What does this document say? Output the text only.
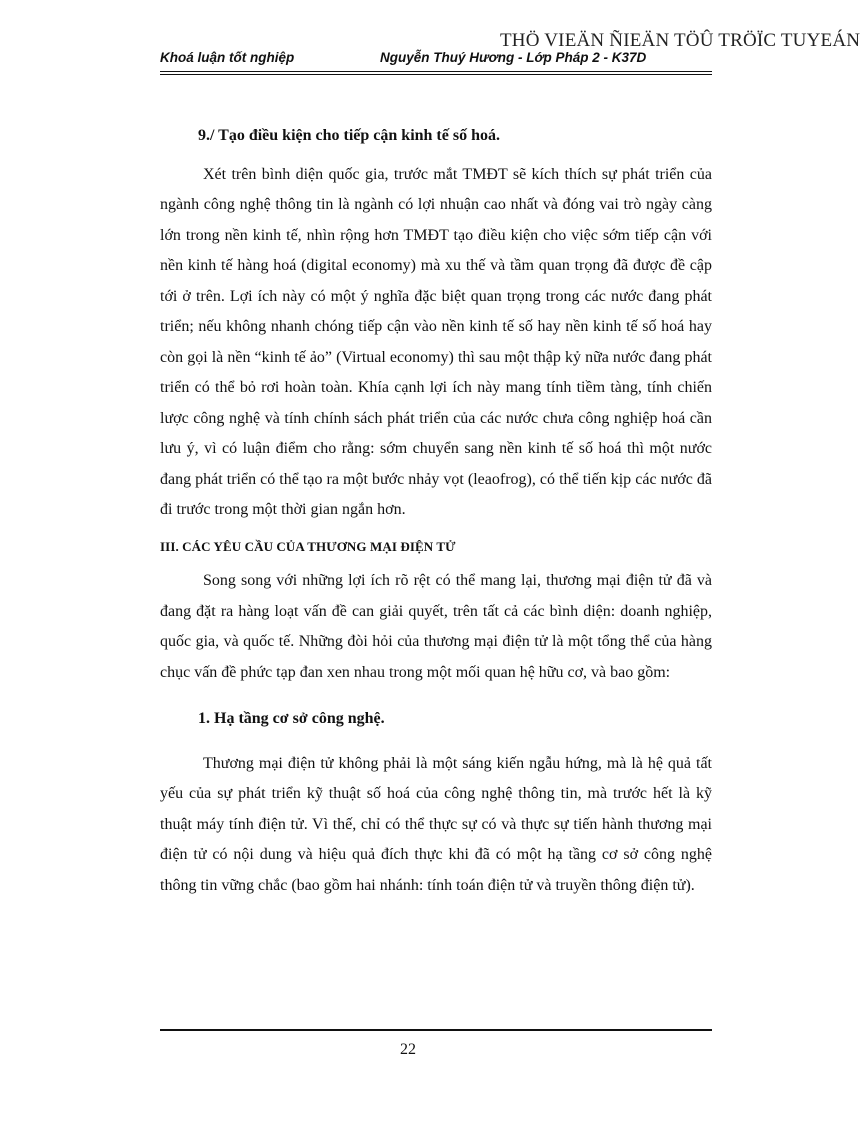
THÖ VIEÄN ÑIEÄN TÖÛ TRÖÏC TUYEÁN
Khoá luận tốt nghiệp	Nguyễn Thuý Hương - Lớp Pháp 2 - K37D
9./ Tạo điều kiện cho tiếp cận kinh tế số hoá.

Xét trên bình diện quốc gia, trước mắt TMĐT sẽ kích thích sự phát triển của ngành công nghệ thông tin là ngành có lợi nhuận cao nhất và đóng vai trò ngày càng lớn trong nền kinh tế, nhìn rộng hơn TMĐT tạo điều kiện cho việc sớm tiếp cận với nền kinh tế hàng hoá (digital economy) mà xu thế và tầm quan trọng đã được đề cập tới ở trên. Lợi ích này có một ý nghĩa đặc biệt quan trọng trong các nước đang phát triển; nếu không nhanh chóng tiếp cận vào nền kinh tế số hay nền kinh tế số hoá hay còn gọi là nền “kinh tế ảo” (Virtual economy) thì sau một thập kỷ nữa nước đang phát triển có thể bỏ rơi hoàn toàn. Khía cạnh lợi ích này mang tính tiềm tàng, tính chiến lược công nghệ và tính chính sách phát triển của các nước chưa công nghiệp hoá cần lưu ý, vì có luận điểm cho rằng: sớm chuyển sang nền kinh tế số hoá thì một nước đang phát triển có thể tạo ra một bước nhảy vọt (leaofrog), có thể tiến kịp các nước đã đi trước trong một thời gian ngắn hơn.

III. CÁC YÊU CẦU CỦA THƯƠNG MẠI ĐIỆN TỬ

Song song với những lợi ích rõ rệt có thể mang lại, thương mại điện tử đã và đang đặt ra hàng loạt vấn đề can giải quyết, trên tất cả các bình diện: doanh nghiệp, quốc gia, và quốc tế. Những đòi hỏi của thương mại điện tử là một tổng thể của hàng chục vấn đề phức tạp đan xen nhau trong một mối quan hệ hữu cơ, và bao gồm:

1. Hạ tầng cơ sở công nghệ.

Thương mại điện tử không phải là một sáng kiến ngẫu hứng, mà là hệ quả tất yếu của sự phát triển kỹ thuật số hoá của công nghệ thông tin, mà trước hết là kỹ thuật máy tính điện tử. Vì thế, chỉ có thể thực sự có và thực sự tiến hành thương mại điện tử có nội dung và hiệu quả đích thực khi đã có một hạ tầng cơ sở công nghệ thông tin vững chắc (bao gồm hai nhánh: tính toán điện tử và truyền thông điện tử).

22
